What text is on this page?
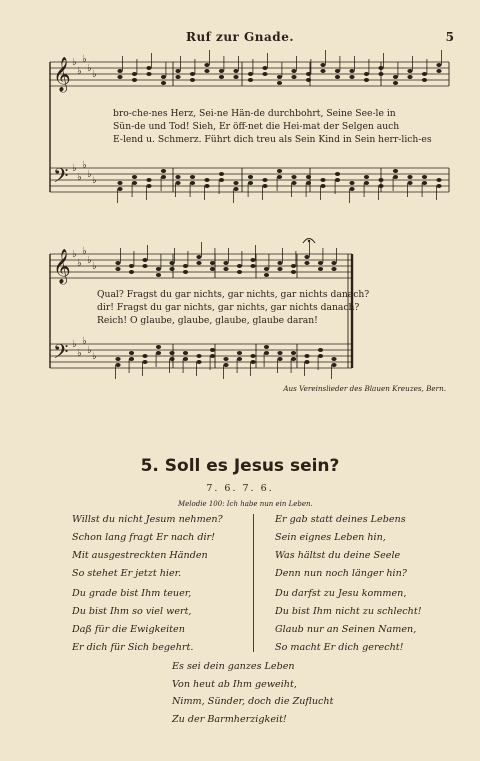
Ruf zur Gnade.	5
𝄞
𝄢
♭
♭
♭
♭
♭
♭
♭
♭
♭
♭
𝄞
𝄢
♭
♭
♭
♭
♭
♭
♭
♭
♭
♭
bro-che-nes Herz, Sei-ne Hän-de durchbohrt, Seine See-le in
Sün-de und Tod! Sieh, Er öff-net die Hei-mat der Selgen auch
E-lend u. Schmerz. Führt dich treu als Sein Kind in Sein herr-lich-es
Qual? Fragst du gar nichts, gar nichts, gar nichts danach?
dir! Fragst du gar nichts, gar nichts, gar nichts danach?
Reich! O glaube, glaube, glaube, glaube daran!
Aus Vereinslieder des Blauen Kreuzes, Bern.
5. Soll es Jesus sein?
7. 6. 7. 6.
Melodie 100: Ich habe nun ein Leben.
Willst du nicht Jesum nehmen?
Schon lang fragt Er nach dir!
Mit ausgestreckten Händen
So stehet Er jetzt hier.
Du grade bist Ihm teuer,
Du bist Ihm so viel wert,
Daß für die Ewigkeiten
Er dich für Sich begehrt.
Er gab statt deines Lebens
Sein eignes Leben hin,
Was hältst du deine Seele
Denn nun noch länger hin?
Du darfst zu Jesu kommen,
Du bist Ihm nicht zu schlecht!
Glaub nur an Seinen Namen,
So macht Er dich gerecht!
Es sei dein ganzes Leben
Von heut ab Ihm geweiht,
Nimm, Sünder, doch die Zuflucht
Zu der Barmherzigkeit!
